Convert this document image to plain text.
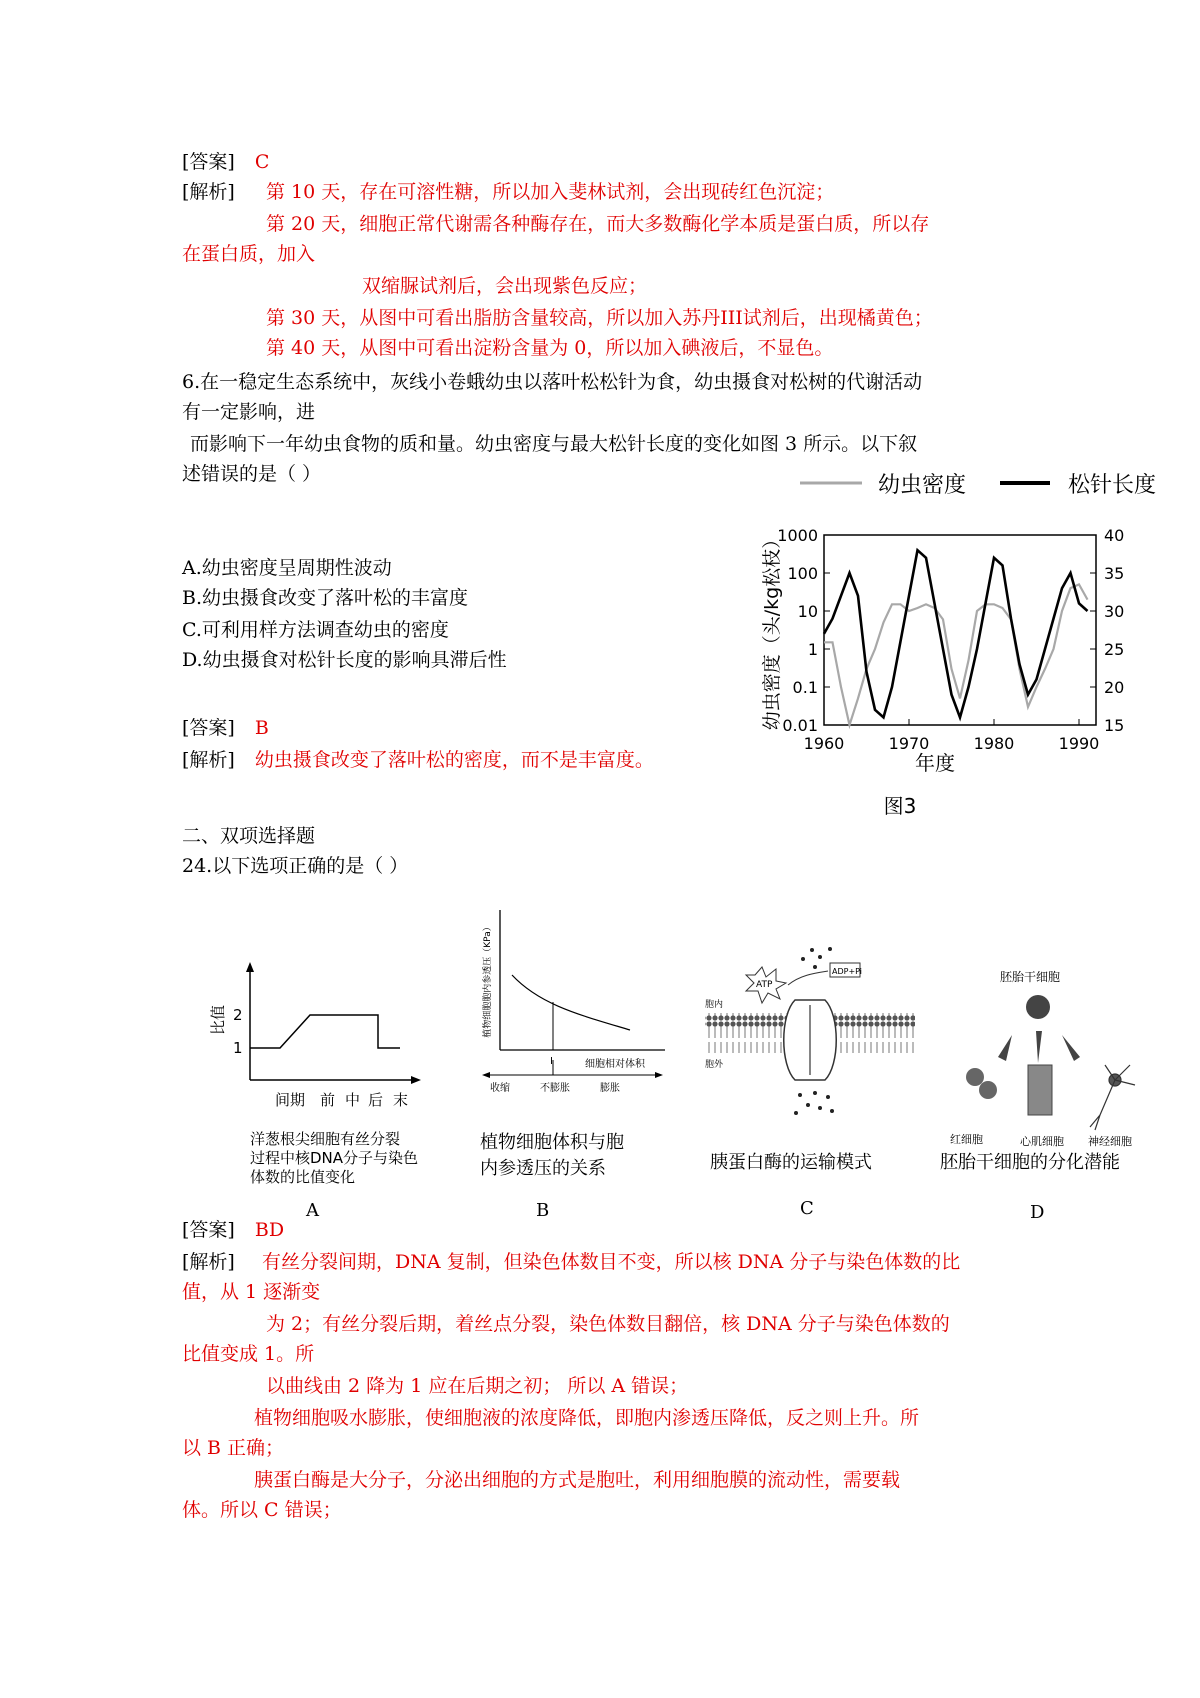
[答案] C
[解析] 第 10 天，存在可溶性糖，所以加入斐林试剂，会出现砖红色沉淀；
第 20 天，细胞正常代谢需各种酶存在，而大多数酶化学本质是蛋白质，所以存
在蛋白质，加入
双缩脲试剂后，会出现紫色反应；
第 30 天，从图中可看出脂肪含量较高，所以加入苏丹III试剂后，出现橘黄色；
第 40 天，从图中可看出淀粉含量为 0，所以加入碘液后，不显色。
6.在一稳定生态系统中，灰线小卷蛾幼虫以落叶松松针为食，幼虫摄食对松树的代谢活动
有一定影响，进
而影响下一年幼虫食物的质和量。幼虫密度与最大松针长度的变化如图 3 所示。以下叙
述错误的是（ ）
A.幼虫密度呈周期性波动
B.幼虫摄食改变了落叶松的丰富度
C.可利用样方法调查幼虫的密度
D.幼虫摄食对松针长度的影响具滞后性
[答案] B
[解析] 幼虫摄食改变了落叶松的密度，而不是丰富度。
幼虫密度	松针长度
0.01
0.1
1
10
100
1000
15
20
25
30
35
40
1960	1970	1980	1990
幼虫密度（头/kg松枝）
年度
图3
二、双项选择题
24.以下选项正确的是（ ）
2
1
比值
间期 前 中 后 末
洋葱根尖细胞有丝分裂
过程中核DNA分子与染色
体数的比值变化
A
植物细胞胞内参透压（KPa）
细胞相对体积
I
收缩	不膨胀	膨胀
植物细胞体积与胞
内参透压的关系
B
ATP
ADP+Pi
胞内
胞外
胰蛋白酶的运输模式
C
胚胎干细胞
红细胞	心肌细胞 神经细胞
胚胎干细胞的分化潜能
D
[答案] BD
[解析] 有丝分裂间期，DNA 复制，但染色体数目不变，所以核 DNA 分子与染色体数的比
值，从 1 逐渐变
为 2；有丝分裂后期，着丝点分裂，染色体数目翻倍，核 DNA 分子与染色体数的
比值变成 1。所
以曲线由 2 降为 1 应在后期之初； 所以 A 错误；
植物细胞吸水膨胀，使细胞液的浓度降低，即胞内渗透压降低，反之则上升。所
以 B 正确；
胰蛋白酶是大分子，分泌出细胞的方式是胞吐，利用细胞膜的流动性，需要载
体。所以 C 错误；
